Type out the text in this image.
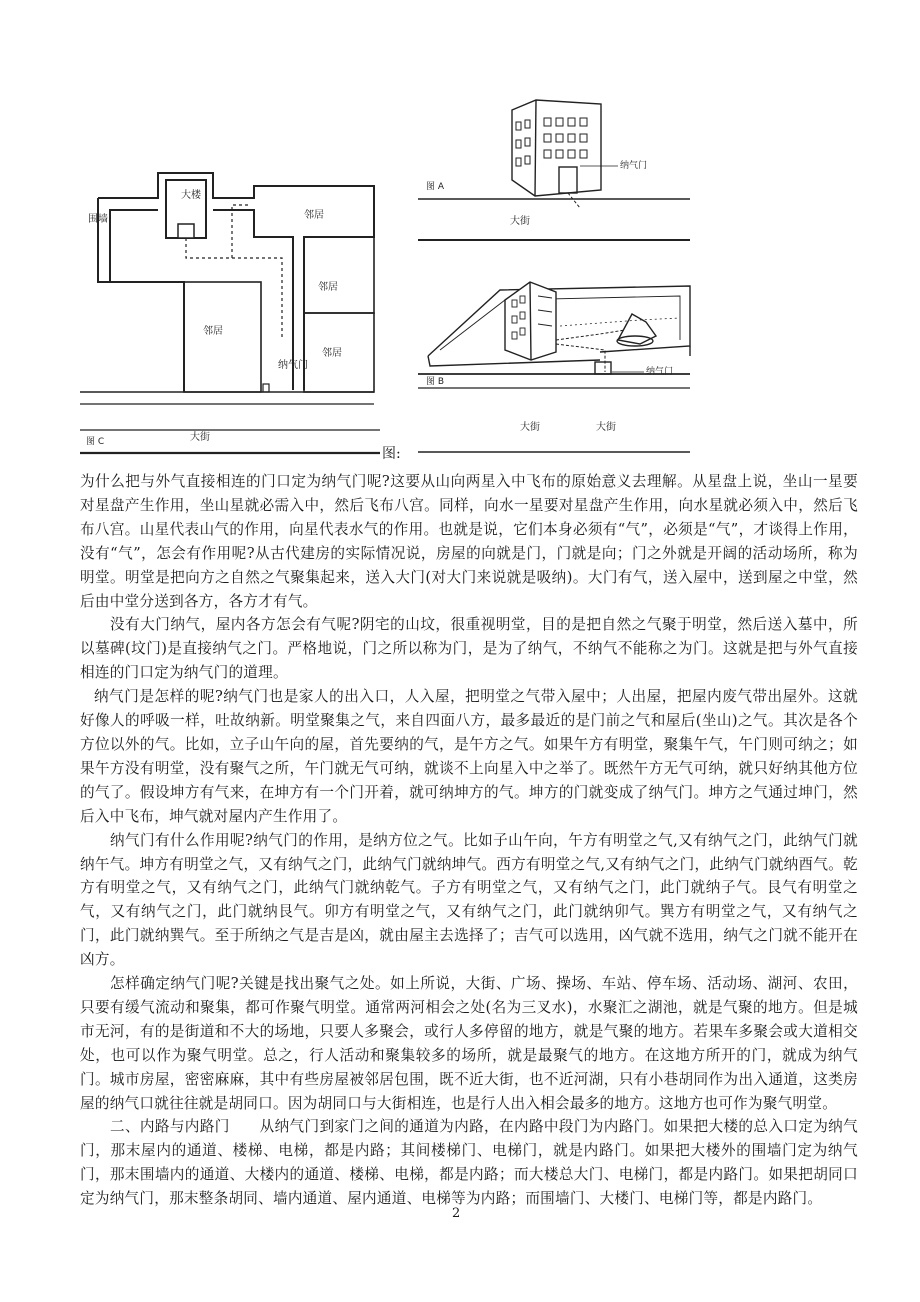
围墙
大楼
邻居
邻居
邻居
邻居
纳气门
图 C	大街
纳气门
图 A
大街
纳气门
图 B
大街	大街
图:

为什么把与外气直接相连的门口定为纳气门呢?这要从山向两星入中飞布的原始意义去理解。从星盘上说，坐山一星要对星盘产生作用，坐山星就必需入中，然后飞布八宫。同样，向水一星要对星盘产生作用，向水星就必须入中，然后飞布八宫。山星代表山气的作用，向星代表水气的作用。也就是说，它们本身必须有“气”，必须是“气”，才谈得上作用，没有“气”，怎会有作用呢?从古代建房的实际情况说，房屋的向就是门，门就是向；门之外就是开阔的活动场所，称为明堂。明堂是把向方之自然之气聚集起来，送入大门(对大门来说就是吸纳)。大门有气，送入屋中，送到屋之中堂，然后由中堂分送到各方，各方才有气。

没有大门纳气，屋内各方怎会有气呢?阴宅的山坟，很重视明堂，目的是把自然之气聚于明堂，然后送入墓中，所以墓碑(坟门)是直接纳气之门。严格地说，门之所以称为门，是为了纳气，不纳气不能称之为门。这就是把与外气直接相连的门口定为纳气门的道理。

纳气门是怎样的呢?纳气门也是家人的出入口，人入屋，把明堂之气带入屋中；人出屋，把屋内废气带出屋外。这就好像人的呼吸一样，吐故纳新。明堂聚集之气，来自四面八方，最多最近的是门前之气和屋后(坐山)之气。其次是各个方位以外的气。比如，立子山午向的屋，首先要纳的气，是午方之气。如果午方有明堂，聚集午气，午门则可纳之；如果午方没有明堂，没有聚气之所，午门就无气可纳，就谈不上向星入中之举了。既然午方无气可纳，就只好纳其他方位的气了。假设坤方有气来，在坤方有一个门开着，就可纳坤方的气。坤方的门就变成了纳气门。坤方之气通过坤门，然后入中飞布，坤气就对屋内产生作用了。

纳气门有什么作用呢?纳气门的作用，是纳方位之气。比如子山午向，午方有明堂之气,又有纳气之门，此纳气门就纳午气。坤方有明堂之气，又有纳气之门，此纳气门就纳坤气。西方有明堂之气,又有纳气之门，此纳气门就纳酉气。乾方有明堂之气，又有纳气之门，此纳气门就纳乾气。子方有明堂之气，又有纳气之门，此门就纳子气。艮气有明堂之气，又有纳气之门，此门就纳艮气。卯方有明堂之气，又有纳气之门，此门就纳卯气。巽方有明堂之气，又有纳气之门，此门就纳巽气。至于所纳之气是吉是凶，就由屋主去选择了；吉气可以选用，凶气就不选用，纳气之门就不能开在凶方。

怎样确定纳气门呢?关键是找出聚气之处。如上所说，大街、广场、操场、车站、停车场、活动场、湖河、农田，只要有缓气流动和聚集，都可作聚气明堂。通常两河相会之处(名为三叉水)，水聚汇之湖池，就是气聚的地方。但是城市无河，有的是街道和不大的场地，只要人多聚会，或行人多停留的地方，就是气聚的地方。若果车多聚会或大道相交处，也可以作为聚气明堂。总之，行人活动和聚集较多的场所，就是最聚气的地方。在这地方所开的门，就成为纳气门。城市房屋，密密麻麻，其中有些房屋被邻居包围，既不近大街，也不近河湖，只有小巷胡同作为出入通道，这类房屋的纳气口就往往就是胡同口。因为胡同口与大街相连，也是行人出入相会最多的地方。这地方也可作为聚气明堂。

二、内路与内路门　　从纳气门到家门之间的通道为内路，在内路中段门为内路门。如果把大楼的总入口定为纳气门，那末屋内的通道、楼梯、电梯，都是内路；其间楼梯门、电梯门，就是内路门。如果把大楼外的围墙门定为纳气门，那末围墙内的通道、大楼内的通道、楼梯、电梯，都是内路；而大楼总大门、电梯门，都是内路门。如果把胡同口定为纳气门，那末整条胡同、墙内通道、屋内通道、电梯等为内路；而围墙门、大楼门、电梯门等，都是内路门。

2
